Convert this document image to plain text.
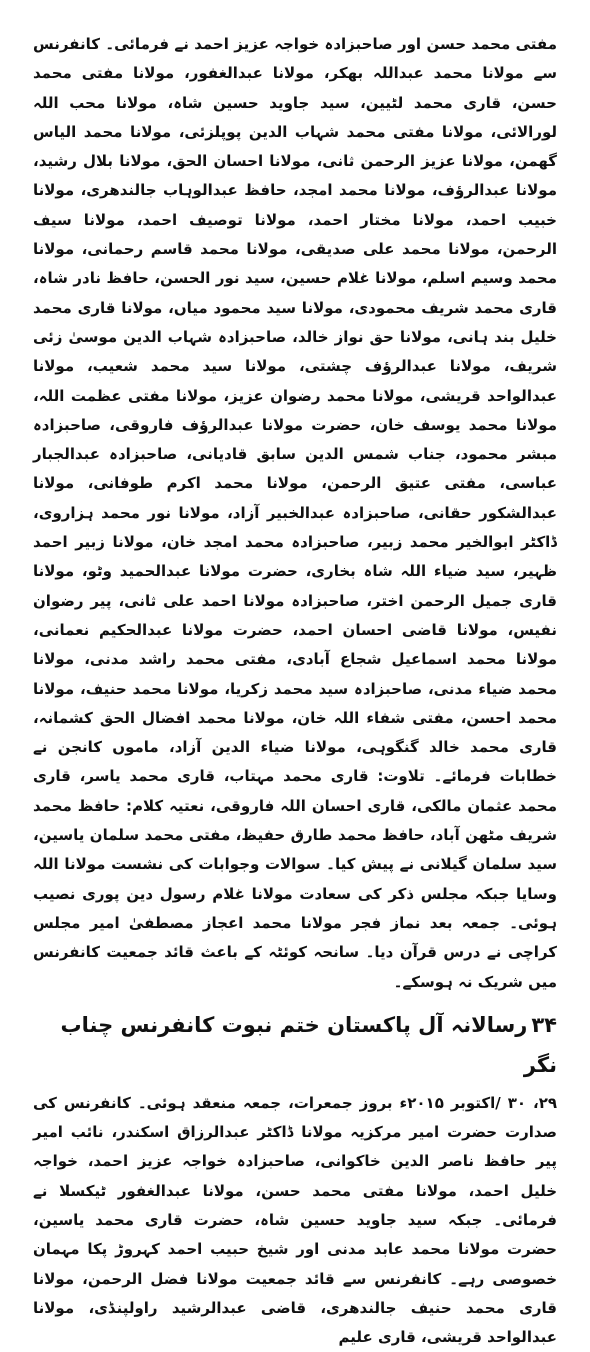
مفتی محمد حسن اور صاحبزادہ خواجہ عزیز احمد نے فرمائی۔ کانفرنس سے مولانا محمد عبداللہ بھکر، مولانا عبدالغفور، مولانا مفتی محمد حسن، قاری محمد لٹیین، سید جاوید حسین شاہ، مولانا محب اللہ لورالائی، مولانا مفتی محمد شہاب الدین پوپلزئی، مولانا محمد الیاس گھمن، مولانا عزیز الرحمن ثانی، مولانا احسان الحق، مولانا بلال رشید، مولانا عبدالرؤف، مولانا محمد امجد، حافظ عبدالوہاب جالندھری، مولانا خبیب احمد، مولانا مختار احمد، مولانا توصیف احمد، مولانا سیف الرحمن، مولانا محمد علی صدیقی، مولانا محمد قاسم رحمانی، مولانا محمد وسیم اسلم، مولانا غلام حسین، سید نور الحسن، حافظ نادر شاہ، قاری محمد شریف محمودی، مولانا سید محمود میاں، مولانا قاری محمد خلیل بند ہانی، مولانا حق نواز خالد، صاحبزادہ شہاب الدین موسیٰ زئی شریف، مولانا عبدالرؤف چشتی، مولانا سید محمد شعیب، مولانا عبدالواحد قریشی، مولانا محمد رضوان عزیز، مولانا مفتی عظمت اللہ، مولانا محمد یوسف خان، حضرت مولانا عبدالرؤف فاروقی، صاحبزادہ مبشر محمود، جناب شمس الدین سابق قادیانی، صاحبزادہ عبدالجبار عباسی، مفتی عتیق الرحمن، مولانا محمد اکرم طوفانی، مولانا عبدالشکور حقانی، صاحبزادہ عبدالخبیر آزاد، مولانا نور محمد ہزاروی، ڈاکٹر ابوالخیر محمد زبیر، صاحبزادہ محمد امجد خان، مولانا زبیر احمد ظہیر، سید ضیاء اللہ شاہ بخاری، حضرت مولانا عبدالحمید وٹو، مولانا قاری جمیل الرحمن اختر، صاحبزادہ مولانا احمد علی ثانی، پیر رضوان نفیس، مولانا قاضی احسان احمد، حضرت مولانا عبدالحکیم نعمانی، مولانا محمد اسماعیل شجاع آبادی، مفتی محمد راشد مدنی، مولانا محمد ضیاء مدنی، صاحبزادہ سید محمد زکریا، مولانا محمد حنیف، مولانا محمد احسن، مفتی شفاء اللہ خان، مولانا محمد افضال الحق کشمانہ، قاری محمد خالد گنگوہی، مولانا ضیاء الدین آزاد، ماموں کانجن نے خطابات فرمائے۔ تلاوت: قاری محمد مہتاب، قاری محمد یاسر، قاری محمد عثمان مالکی، قاری احسان اللہ فاروقی، نعتیہ کلام: حافظ محمد شریف مٹھن آباد، حافظ محمد طارق حفیظ، مفتی محمد سلمان یاسین، سید سلمان گیلانی نے پیش کیا۔ سوالات وجوابات کی نشست مولانا اللہ وسایا جبکہ مجلس ذکر کی سعادت مولانا غلام رسول دین پوری نصیب ہوئی۔ جمعہ بعد نماز فجر مولانا محمد اعجاز مصطفیٰ امیر مجلس کراچی نے درس قرآن دیا۔ سانحہ کوئٹہ کے باعث قائد جمعیت کانفرنس میں شریک نہ ہوسکے۔

۳۴رسالانہ آل پاکستان ختم نبوت کانفرنس چناب نگر

۲۹، ۳۰ /اکتوبر ۲۰۱۵ء بروز جمعرات، جمعہ منعقد ہوئی۔ کانفرنس کی صدارت حضرت امیر مرکزیہ مولانا ڈاکٹر عبدالرزاق اسکندر، نائب امیر پیر حافظ ناصر الدین خاکوانی، صاحبزادہ خواجہ عزیز احمد، خواجہ خلیل احمد، مولانا مفتی محمد حسن، مولانا عبدالغفور ٹیکسلا نے فرمائی۔ جبکہ سید جاوید حسین شاہ، حضرت قاری محمد یاسین، حضرت مولانا محمد عابد مدنی اور شیخ حبیب احمد کہروڑ پکا مہمان خصوصی رہے۔ کانفرنس سے قائد جمعیت مولانا فضل الرحمن، مولانا قاری محمد حنیف جالندھری، قاضی عبدالرشید راولپنڈی، مولانا عبدالواحد قریشی، قاری علیم
